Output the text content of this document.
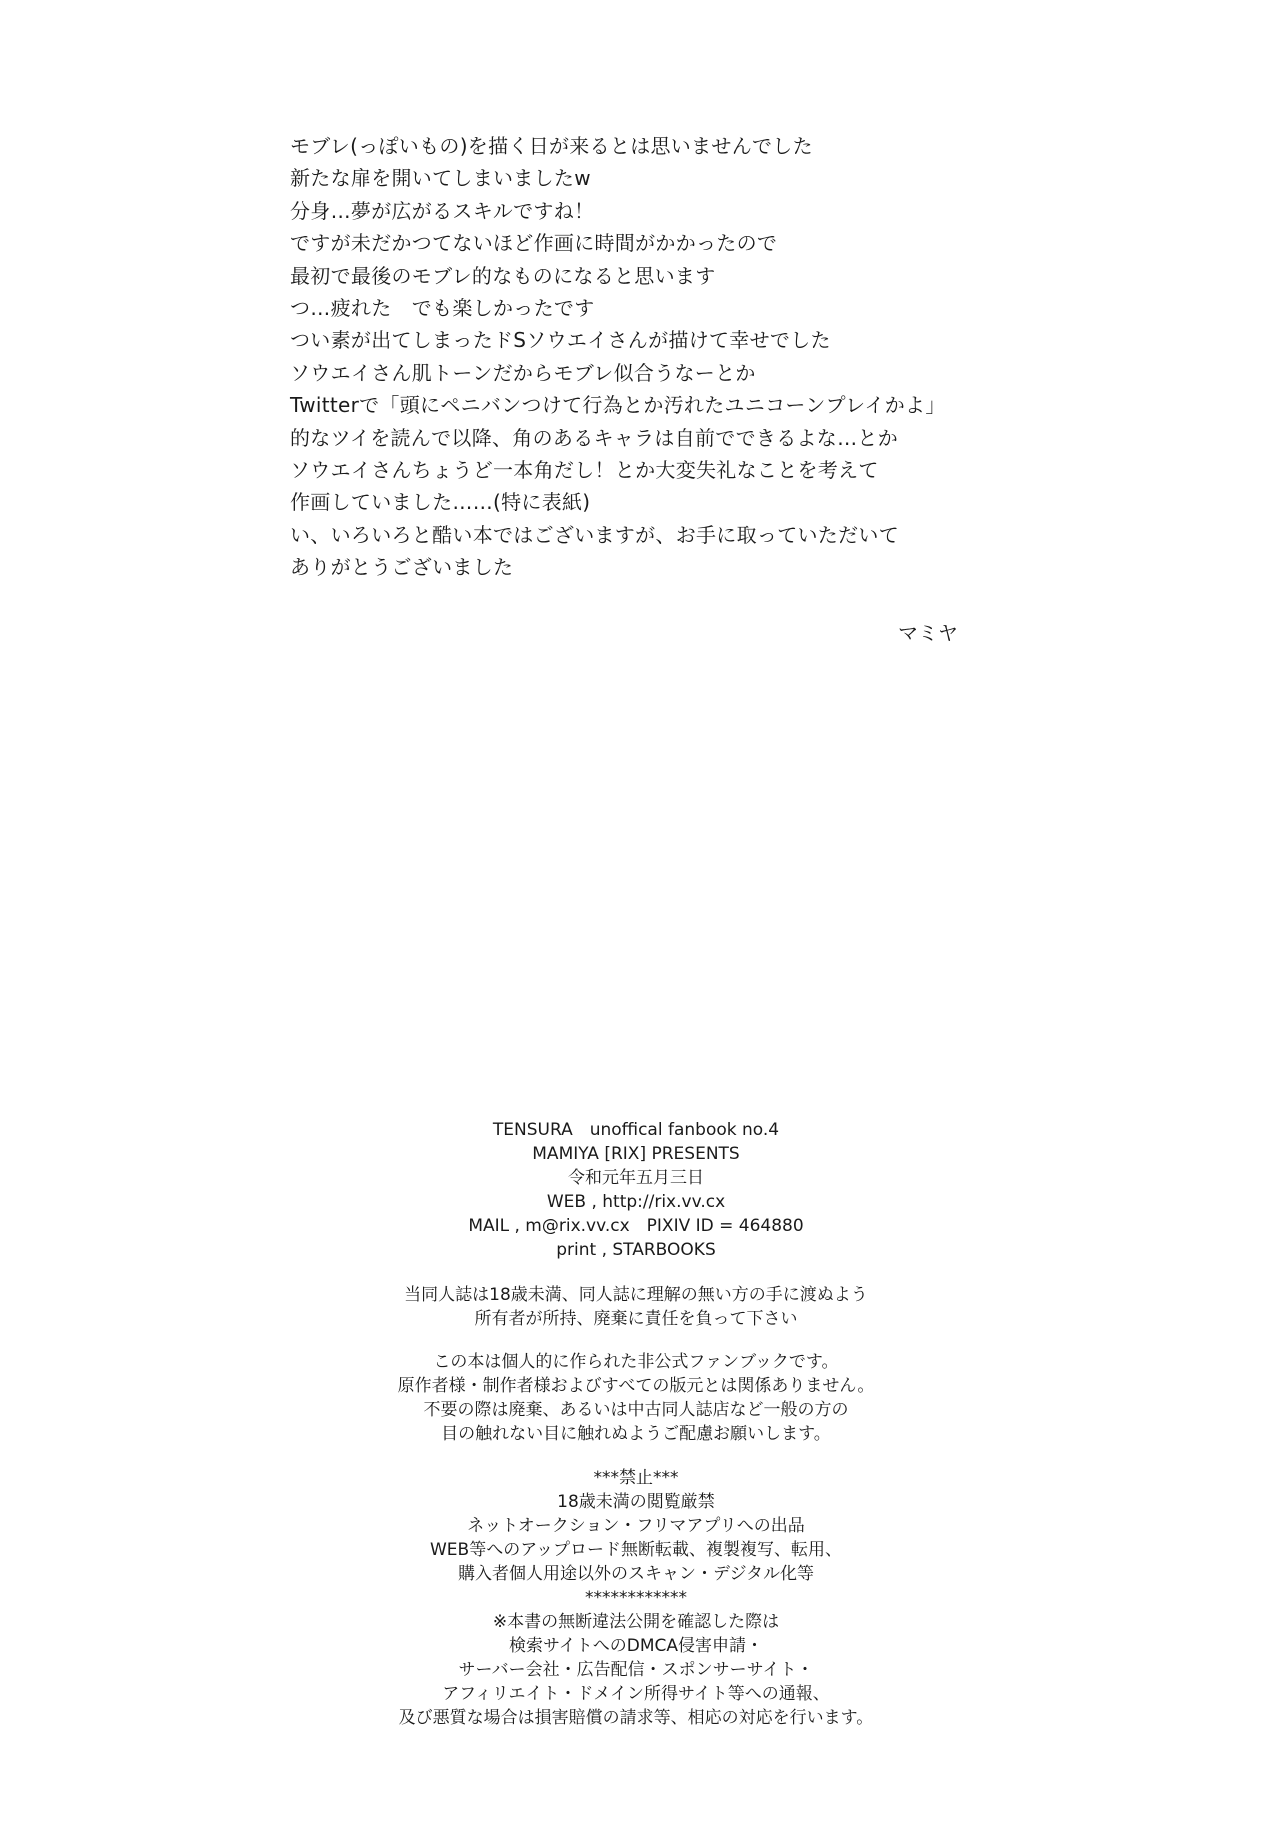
モブレ(っぽいもの)を描く日が来るとは思いませんでした
新たな扉を開いてしまいましたw
分身…夢が広がるスキルですね！
ですが未だかつてないほど作画に時間がかかったので
最初で最後のモブレ的なものになると思います
つ…疲れた　でも楽しかったです
つい素が出てしまったドSソウエイさんが描けて幸せでした
ソウエイさん肌トーンだからモブレ似合うなーとか
Twitterで「頭にペニバンつけて行為とか汚れたユニコーンプレイかよ」
的なツイを読んで以降、角のあるキャラは自前でできるよな…とか
ソウエイさんちょうど一本角だし！とか大変失礼なことを考えて
作画していました……(特に表紙)
い、いろいろと酷い本ではございますが、お手に取っていただいて
ありがとうございました
マミヤ
TENSURA　unoffical fanbook no.4
MAMIYA [RIX] PRESENTS
令和元年五月三日
WEB , http://rix.vv.cx
MAIL , m@rix.vv.cx　PIXIV ID = 464880
print , STARBOOKS
当同人誌は18歳未満、同人誌に理解の無い方の手に渡ぬよう
所有者が所持、廃棄に責任を負って下さい
この本は個人的に作られた非公式ファンブックです。
原作者様・制作者様およびすべての版元とは関係ありません。
不要の際は廃棄、あるいは中古同人誌店など一般の方の
目の触れない目に触れぬようご配慮お願いします。
***禁止***
18歳未満の閲覧厳禁
ネットオークション・フリマアプリへの出品
WEB等へのアップロード無断転載、複製複写、転用、
購入者個人用途以外のスキャン・デジタル化等
************
※本書の無断違法公開を確認した際は
検索サイトへのDMCA侵害申請・
サーバー会社・広告配信・スポンサーサイト・
アフィリエイト・ドメイン所得サイト等への通報、
及び悪質な場合は損害賠償の請求等、相応の対応を行います。
